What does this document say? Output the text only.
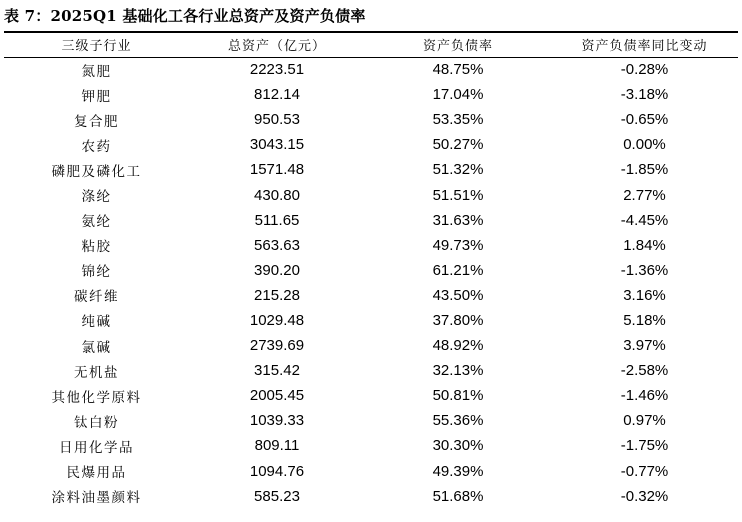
表 7：2025Q1 基础化工各行业总资产及资产负债率
三级子行业	总资产（亿元）	资产负债率	资产负债率同比变动
氮肥	2223.51	48.75%	-0.28%
钾肥	812.14	17.04%	-3.18%
复合肥	950.53	53.35%	-0.65%
农药	3043.15	50.27%	0.00%
磷肥及磷化工	1571.48	51.32%	-1.85%
涤纶	430.80	51.51%	2.77%
氨纶	511.65	31.63%	-4.45%
粘胶	563.63	49.73%	1.84%
锦纶	390.20	61.21%	-1.36%
碳纤维	215.28	43.50%	3.16%
纯碱	1029.48	37.80%	5.18%
氯碱	2739.69	48.92%	3.97%
无机盐	315.42	32.13%	-2.58%
其他化学原料	2005.45	50.81%	-1.46%
钛白粉	1039.33	55.36%	0.97%
日用化学品	809.11	30.30%	-1.75%
民爆用品	1094.76	49.39%	-0.77%
涂料油墨颜料	585.23	51.68%	-0.32%
